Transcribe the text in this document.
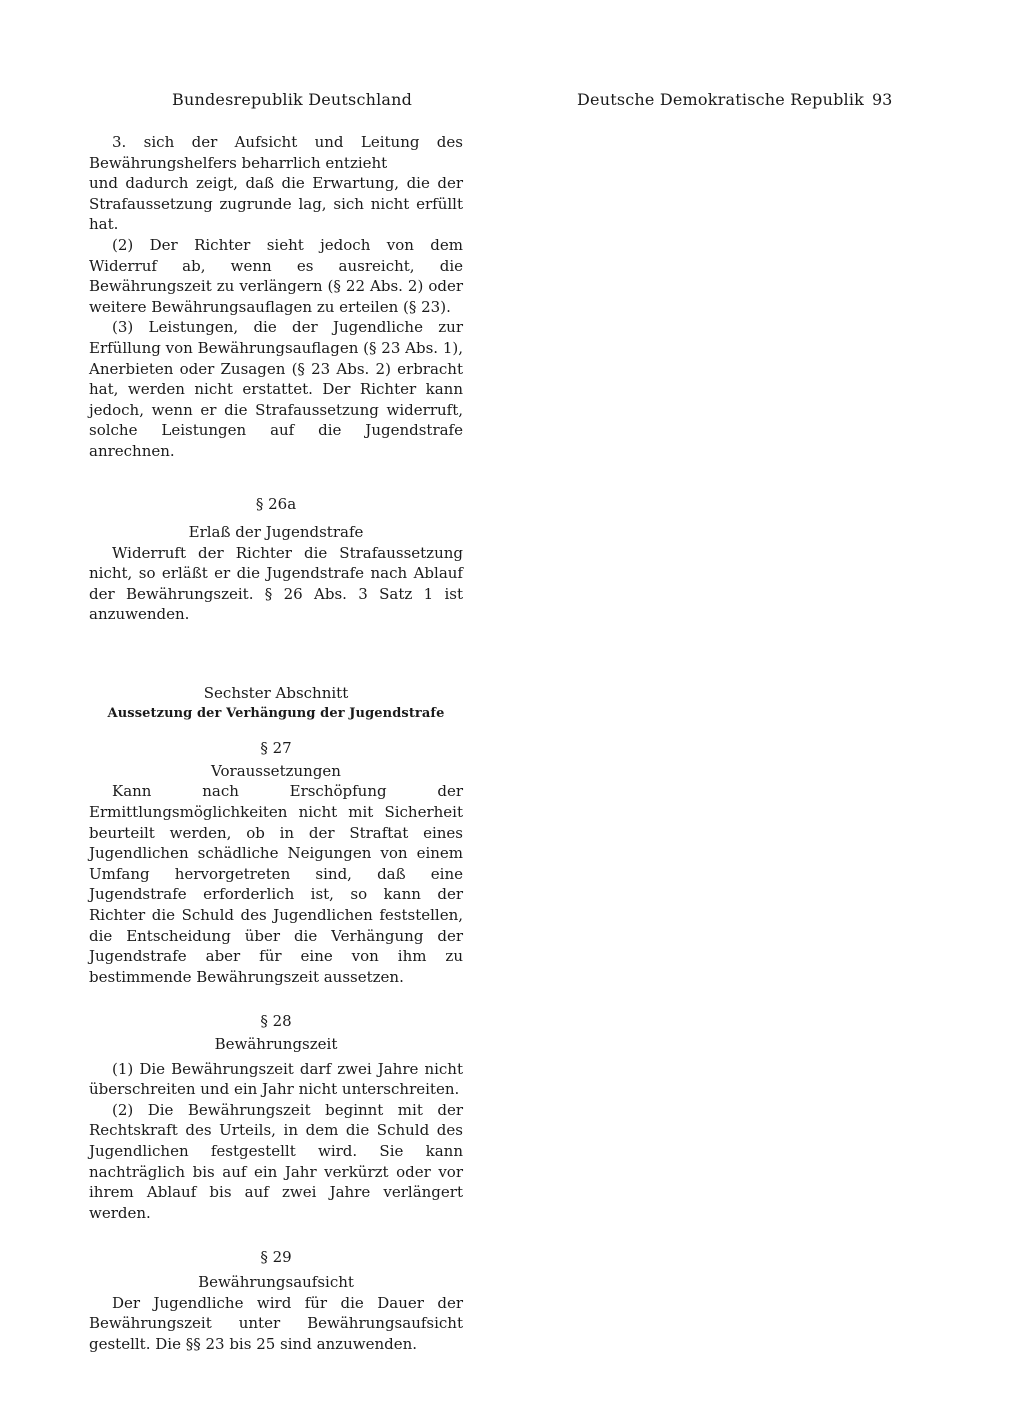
Bundesrepublik Deutschland	Deutsche Demokratische Republik 93

3. sich der Aufsicht und Leitung des Bewährungshelfers beharrlich entzieht

und dadurch zeigt, daß die Erwartung, die der Strafaussetzung zugrunde lag, sich nicht erfüllt hat.

(2) Der Richter sieht jedoch von dem Widerruf ab, wenn es ausreicht, die Bewährungszeit zu verlängern (§ 22 Abs. 2) oder weitere Bewährungsauflagen zu erteilen (§ 23).

(3) Leistungen, die der Jugendliche zur Erfüllung von Bewährungsauflagen (§ 23 Abs. 1), Anerbieten oder Zusagen (§ 23 Abs. 2) erbracht hat, werden nicht erstattet. Der Richter kann jedoch, wenn er die Strafaussetzung widerruft, solche Leistungen auf die Jugendstrafe anrechnen.

§ 26a

Erlaß der Jugendstrafe

Widerruft der Richter die Strafaussetzung nicht, so erläßt er die Jugendstrafe nach Ablauf der Bewährungszeit. § 26 Abs. 3 Satz 1 ist anzuwenden.

Sechster Abschnitt

Aussetzung der Verhängung der Jugendstrafe

§ 27

Voraussetzungen

Kann nach Erschöpfung der Ermittlungsmöglichkeiten nicht mit Sicherheit beurteilt werden, ob in der Straftat eines Jugendlichen schädliche Neigungen von einem Umfang hervorgetreten sind, daß eine Jugendstrafe erforderlich ist, so kann der Richter die Schuld des Jugendlichen feststellen, die Entscheidung über die Verhängung der Jugendstrafe aber für eine von ihm zu bestimmende Bewährungszeit aussetzen.

§ 28

Bewährungszeit

(1) Die Bewährungszeit darf zwei Jahre nicht überschreiten und ein Jahr nicht unterschreiten.

(2) Die Bewährungszeit beginnt mit der Rechtskraft des Urteils, in dem die Schuld des Jugendlichen festgestellt wird. Sie kann nachträglich bis auf ein Jahr verkürzt oder vor ihrem Ablauf bis auf zwei Jahre verlängert werden.

§ 29

Bewährungsaufsicht

Der Jugendliche wird für die Dauer der Bewährungszeit unter Bewährungsaufsicht gestellt. Die §§ 23 bis 25 sind anzuwenden.
